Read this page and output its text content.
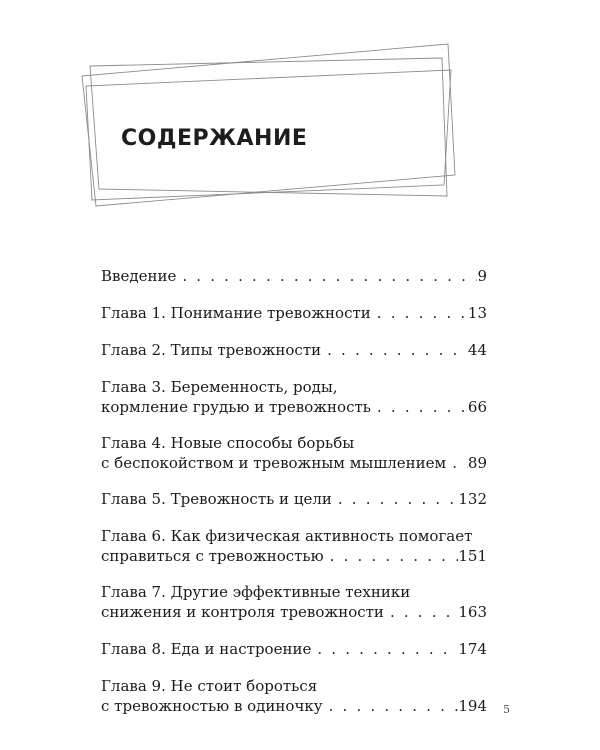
СОДЕРЖАНИЕ
Введение . . .	9
Глава 1. Понимание тревожности . . .	13
Глава 2. Типы тревожности . . .	44
Глава 3. Беременность, роды,
кормление грудью и тревожность . . .	66
Глава 4. Новые способы борьбы
с беспокойством и тревожным мышлением . . . 89
Глава 5. Тревожность и цели . . .	132
Глава 6. Как физическая активность помогает
справиться с тревожностью . . .	151
Глава 7. Другие эффективные техники
снижения и контроля тревожности . . .	163
Глава 8. Еда и настроение . . .	174
Глава 9. Не стоит бороться
с тревожностью в одиночку . . .	194 5
